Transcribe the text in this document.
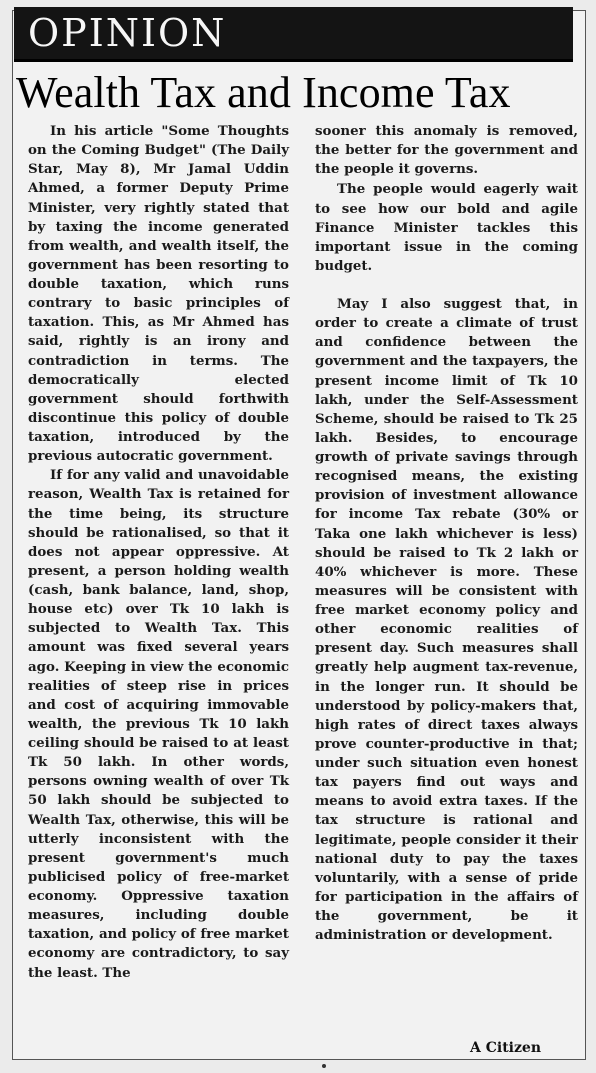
OPINION
Wealth Tax and Income Tax

In his article "Some Thoughts on the Coming Budget" (The Daily Star, May 8), Mr Jamal Uddin Ahmed, a former Deputy Prime Minister, very rightly stated that by taxing the income generated from wealth, and wealth itself, the government has been resorting to double taxation, which runs contrary to basic principles of taxation. This, as Mr Ahmed has said, rightly is an irony and contradiction in terms. The democratically elected government should forthwith discontinue this policy of double taxation, introduced by the previous autocratic government.

If for any valid and unavoidable reason, Wealth Tax is retained for the time being, its structure should be rationalised, so that it does not appear oppressive. At present, a person holding wealth (cash, bank balance, land, shop, house etc) over Tk 10 lakh is subjected to Wealth Tax. This amount was fixed several years ago. Keeping in view the economic realities of steep rise in prices and cost of acquiring immovable wealth, the previous Tk 10 lakh ceiling should be raised to at least Tk 50 lakh. In other words, persons owning wealth of over Tk 50 lakh should be subjected to Wealth Tax, otherwise, this will be utterly inconsistent with the present government's much publicised policy of free-market economy. Oppressive taxation measures, including double taxation, and policy of free market economy are contradictory, to say the least. The

sooner this anomaly is removed, the better for the government and the people it governs.

The people would eagerly wait to see how our bold and agile Finance Minister tackles this important issue in the coming budget.

May I also suggest that, in order to create a climate of trust and confidence between the government and the taxpayers, the present income limit of Tk 10 lakh, under the Self-Assessment Scheme, should be raised to Tk 25 lakh. Besides, to encourage growth of private savings through recognised means, the existing provision of investment allowance for income Tax rebate (30% or Taka one lakh whichever is less) should be raised to Tk 2 lakh or 40% whichever is more. These measures will be consistent with free market economy policy and other economic realities of present day. Such measures shall greatly help augment tax-revenue, in the longer run. It should be understood by policy-makers that, high rates of direct taxes always prove counter-productive in that; under such situation even honest tax payers find out ways and means to avoid extra taxes. If the tax structure is rational and legitimate, people consider it their national duty to pay the taxes voluntarily, with a sense of pride for participation in the affairs of the government, be it administration or development.

A Citizen
